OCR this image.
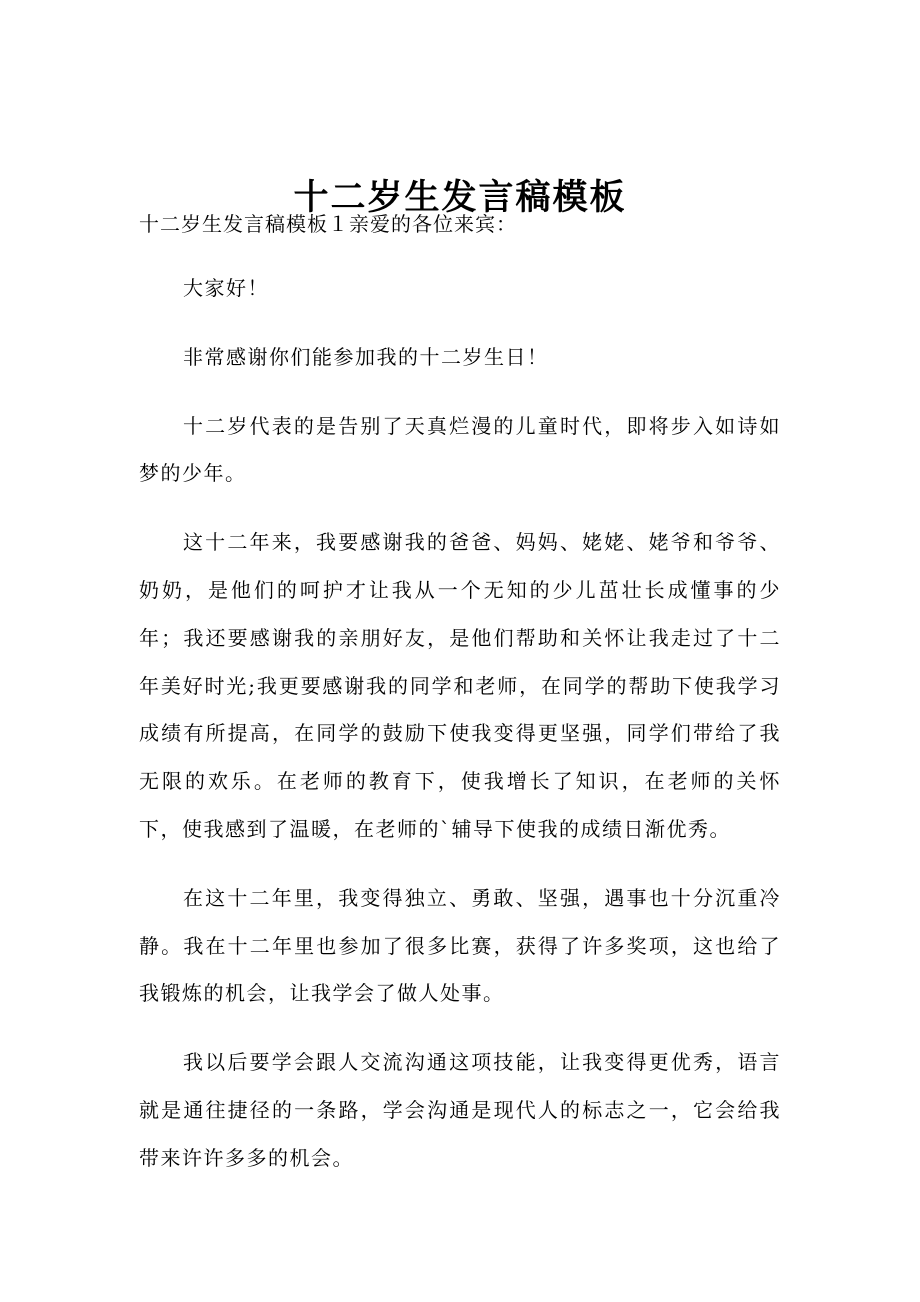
十二岁生发言稿模板

十二岁生发言稿模板１亲爱的各位来宾：

大家好！

非常感谢你们能参加我的十二岁生日！

十二岁代表的是告别了天真烂漫的儿童时代，即将步入如诗如梦的少年。

这十二年来，我要感谢我的爸爸、妈妈、姥姥、姥爷和爷爷、奶奶，是他们的呵护才让我从一个无知的少儿茁壮长成懂事的少年；我还要感谢我的亲朋好友，是他们帮助和关怀让我走过了十二年美好时光;我更要感谢我的同学和老师，在同学的帮助下使我学习成绩有所提高，在同学的鼓励下使我变得更坚强，同学们带给了我无限的欢乐。在老师的教育下，使我增长了知识，在老师的关怀下，使我感到了温暖，在老师的`辅导下使我的成绩日渐优秀。

在这十二年里，我变得独立、勇敢、坚强，遇事也十分沉重冷静。我在十二年里也参加了很多比赛，获得了许多奖项，这也给了我锻炼的机会，让我学会了做人处事。

我以后要学会跟人交流沟通这项技能，让我变得更优秀，语言就是通往捷径的一条路，学会沟通是现代人的标志之一，它会给我带来许许多多的机会。
